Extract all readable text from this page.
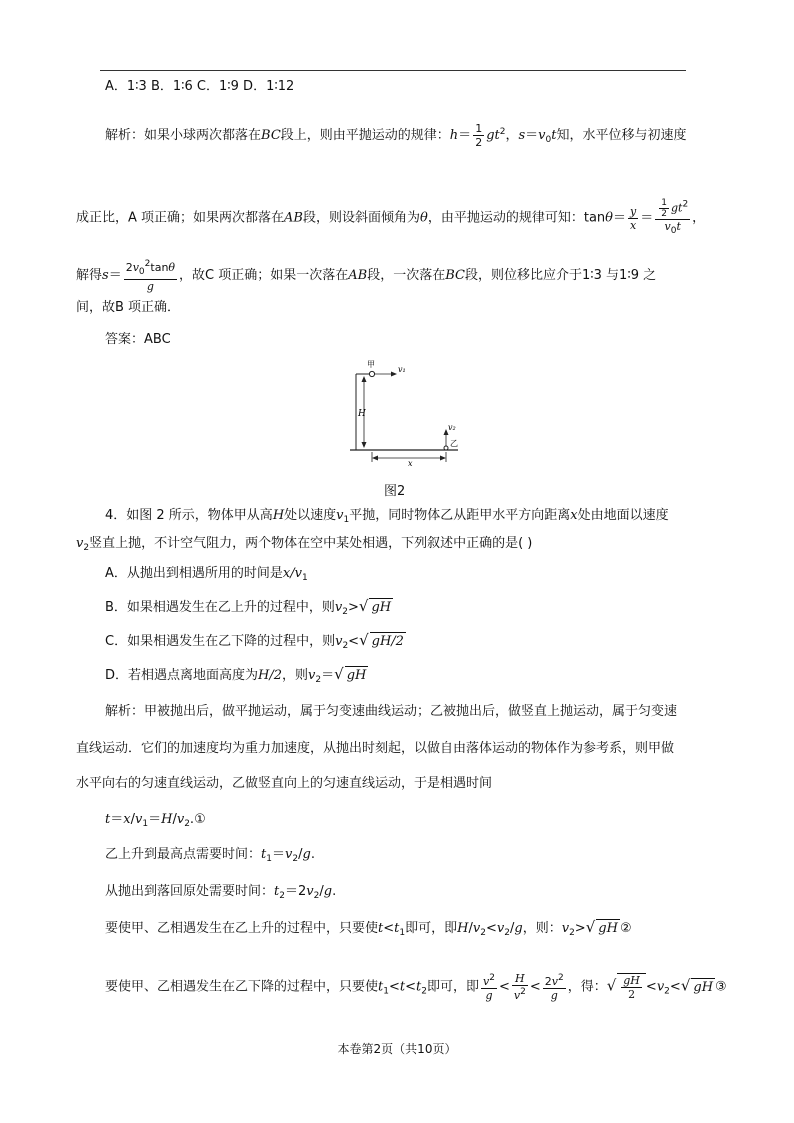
A．1∶3 B．1∶6 C．1∶9 D．1∶12
解析：如果小球两次都落在BC段上，则由平抛运动的规律：$h= \frac{1}{2} gt^2$，$s=v_0t$知，水平位移与初速度
成正比，A 项正确；如果两次都落在AB段，则设斜面倾角为θ，由平抛运动的规律可知：$\tan\theta= \frac{y}{x} = \frac{\frac{1}{2} gt^2}{v_0t}$ ，
解得$s= \frac{2v_0^2\tan\theta}{g}$ ，故C 项正确；如果一次落在AB段，一次落在BC段，则位移比应介于1∶3 与1∶9 之
间，故B 项正确．
答案：ABC
甲
v₁
H
v₂
乙
x
图2
4．如图 2 所示，物体甲从高H处以速度$v_1$平抛，同时物体乙从距甲水平方向距离x处由地面以速度
$v_2$竖直上抛，不计空气阻力，两个物体在空中某处相遇，下列叙述中正确的是( )
A．从抛出到相遇所用的时间是$x/v_1$
B．如果相遇发生在乙上升的过程中，则$v_2>√$ gH
C．如果相遇发生在乙下降的过程中，则$v_2<√$ gH/2
D．若相遇点离地面高度为H/2，则$v_2=√$ gH
解析：甲被抛出后，做平抛运动，属于匀变速曲线运动；乙被抛出后，做竖直上抛运动，属于匀变速
直线运动．它们的加速度均为重力加速度，从抛出时刻起，以做自由落体运动的物体作为参考系，则甲做
水平向右的匀速直线运动，乙做竖直向上的匀速直线运动，于是相遇时间
$t=x/v_1=H/v_2.①$
乙上升到最高点需要时间：$t_1=v_2/g$.
从抛出到落回原处需要时间：$t_2=2v_2/g$.
要使甲、乙相遇发生在乙上升的过程中，只要使$t<t_1$即可，即$H/v_2<v_2/g$，则：$v_2>√$ gH ②
要使甲、乙相遇发生在乙下降的过程中，只要使$t_1<t<t_2$即可，即 $\frac{v^2}{g} < \frac{H}{v^2} < \frac{2v^2}{g}$ ，得：√ $\frac{gH}{2} <v_2<√$ gH ③
本卷第2页（共10页）
